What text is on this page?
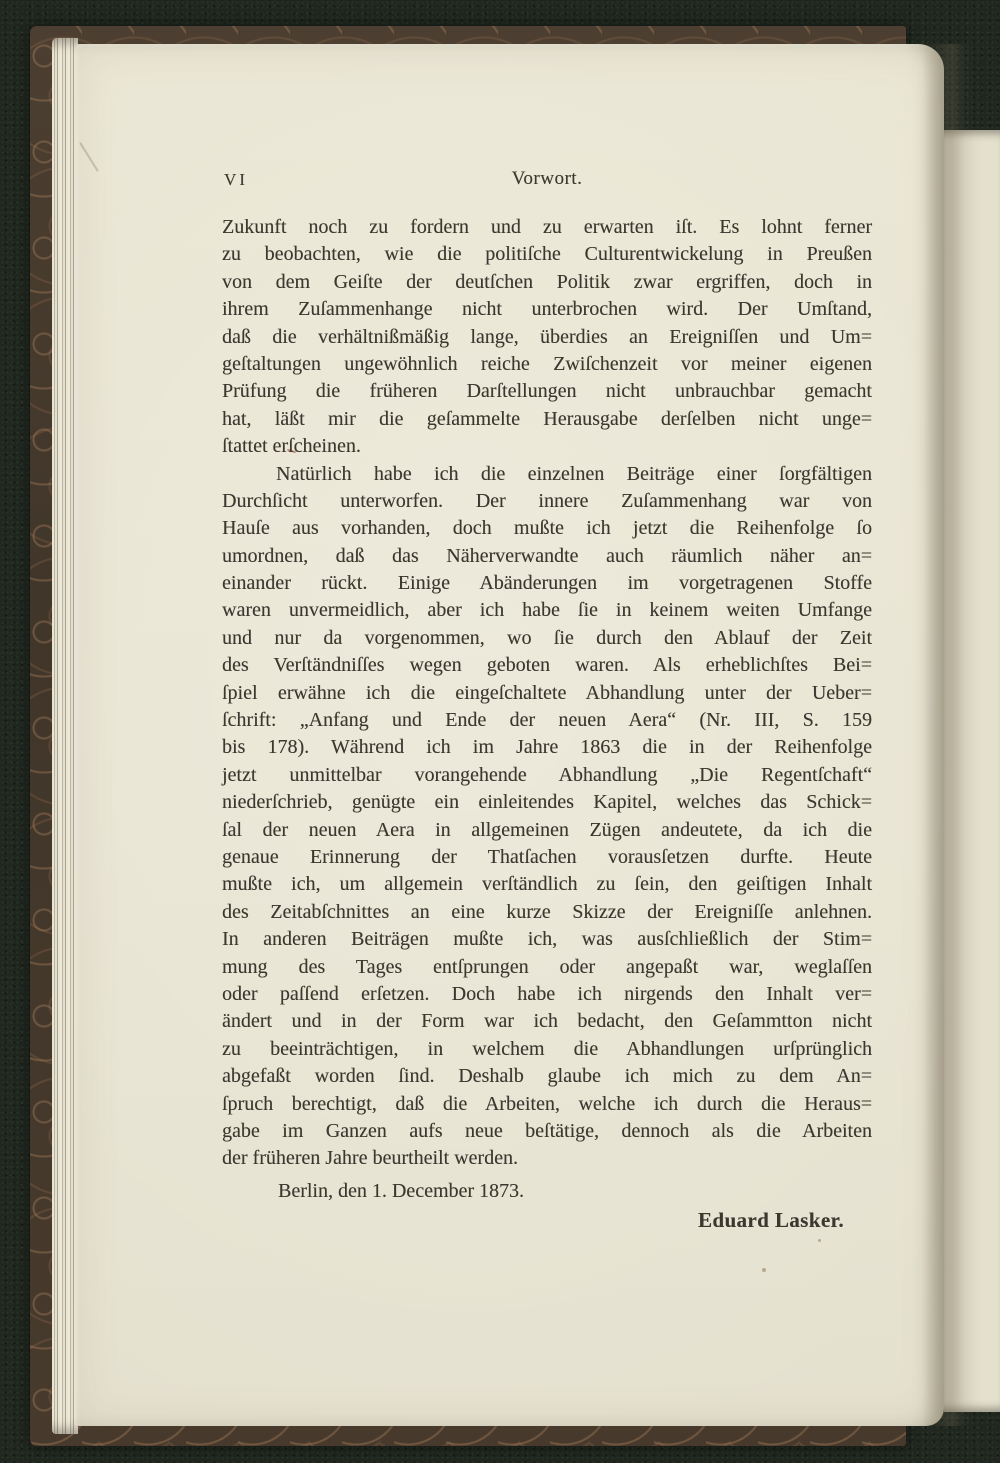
VI	Vorwort.
Zukunft noch zu fordern und zu erwarten iſt. Es lohnt ferner
zu beobachten, wie die politiſche Culturentwickelung in Preußen
von dem Geiſte der deutſchen Politik zwar ergriffen, doch in
ihrem Zuſammenhange nicht unterbrochen wird. Der Umſtand,
daß die verhältnißmäßig lange, überdies an Ereigniſſen und Um=
geſtaltungen ungewöhnlich reiche Zwiſchenzeit vor meiner eigenen
Prüfung die früheren Darſtellungen nicht unbrauchbar gemacht
hat, läßt mir die geſammelte Herausgabe derſelben nicht unge=
ſtattet erſcheinen.
Natürlich habe ich die einzelnen Beiträge einer ſorgfältigen
Durchſicht unterworfen. Der innere Zuſammenhang war von
Hauſe aus vorhanden, doch mußte ich jetzt die Reihenfolge ſo
umordnen, daß das Näherverwandte auch räumlich näher an=
einander rückt. Einige Abänderungen im vorgetragenen Stoffe
waren unvermeidlich, aber ich habe ſie in keinem weiten Umfange
und nur da vorgenommen, wo ſie durch den Ablauf der Zeit
des Verſtändniſſes wegen geboten waren. Als erheblichſtes Bei=
ſpiel erwähne ich die eingeſchaltete Abhandlung unter der Ueber=
ſchrift: „Anfang und Ende der neuen Aera“ (Nr. III, S. 159
bis 178). Während ich im Jahre 1863 die in der Reihenfolge
jetzt unmittelbar vorangehende Abhandlung „Die Regentſchaft“
niederſchrieb, genügte ein einleitendes Kapitel, welches das Schick=
ſal der neuen Aera in allgemeinen Zügen andeutete, da ich die
genaue Erinnerung der Thatſachen vorausſetzen durfte. Heute
mußte ich, um allgemein verſtändlich zu ſein, den geiſtigen Inhalt
des Zeitabſchnittes an eine kurze Skizze der Ereigniſſe anlehnen.
In anderen Beiträgen mußte ich, was ausſchließlich der Stim=
mung des Tages entſprungen oder angepaßt war, weglaſſen
oder paſſend erſetzen. Doch habe ich nirgends den Inhalt ver=
ändert und in der Form war ich bedacht, den Geſammtton nicht
zu beeinträchtigen, in welchem die Abhandlungen urſprünglich
abgefaßt worden ſind. Deshalb glaube ich mich zu dem An=
ſpruch berechtigt, daß die Arbeiten, welche ich durch die Heraus=
gabe im Ganzen aufs neue beſtätige, dennoch als die Arbeiten
der früheren Jahre beurtheilt werden.
Berlin, den 1. December 1873.
Eduard Lasker.
